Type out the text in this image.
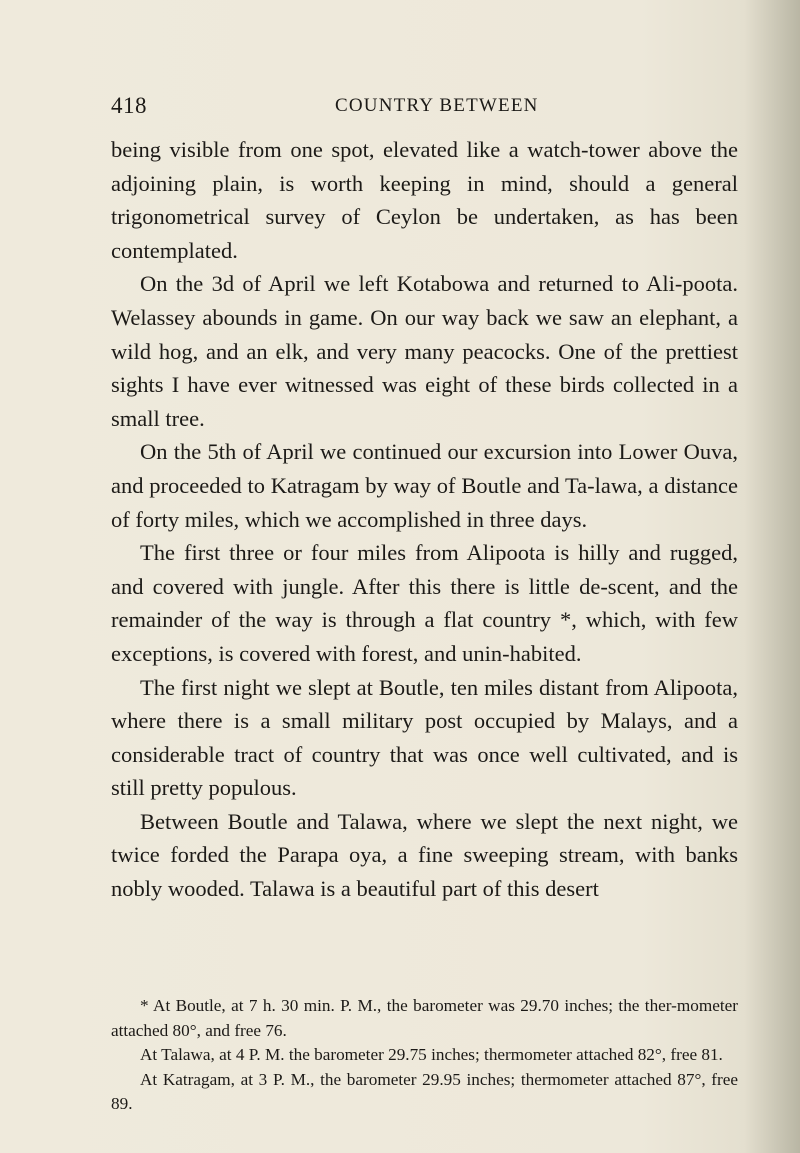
418	COUNTRY BETWEEN

being visible from one spot, elevated like a watch-tower above the adjoining plain, is worth keeping in mind, should a general trigonometrical survey of Ceylon be undertaken, as has been contemplated.

On the 3d of April we left Kotabowa and returned to Ali-poota. Welassey abounds in game. On our way back we saw an elephant, a wild hog, and an elk, and very many peacocks. One of the prettiest sights I have ever witnessed was eight of these birds collected in a small tree.

On the 5th of April we continued our excursion into Lower Ouva, and proceeded to Katragam by way of Boutle and Ta-lawa, a distance of forty miles, which we accomplished in three days.

The first three or four miles from Alipoota is hilly and rugged, and covered with jungle. After this there is little de-scent, and the remainder of the way is through a flat country *, which, with few exceptions, is covered with forest, and unin-habited.

The first night we slept at Boutle, ten miles distant from Alipoota, where there is a small military post occupied by Malays, and a considerable tract of country that was once well cultivated, and is still pretty populous.

Between Boutle and Talawa, where we slept the next night, we twice forded the Parapa oya, a fine sweeping stream, with banks nobly wooded. Talawa is a beautiful part of this desert

* At Boutle, at 7 h. 30 min. P. M., the barometer was 29.70 inches; the ther-mometer attached 80°, and free 76.

At Talawa, at 4 P. M. the barometer 29.75 inches; thermometer attached 82°, free 81.

At Katragam, at 3 P. M., the barometer 29.95 inches; thermometer attached 87°, free 89.
